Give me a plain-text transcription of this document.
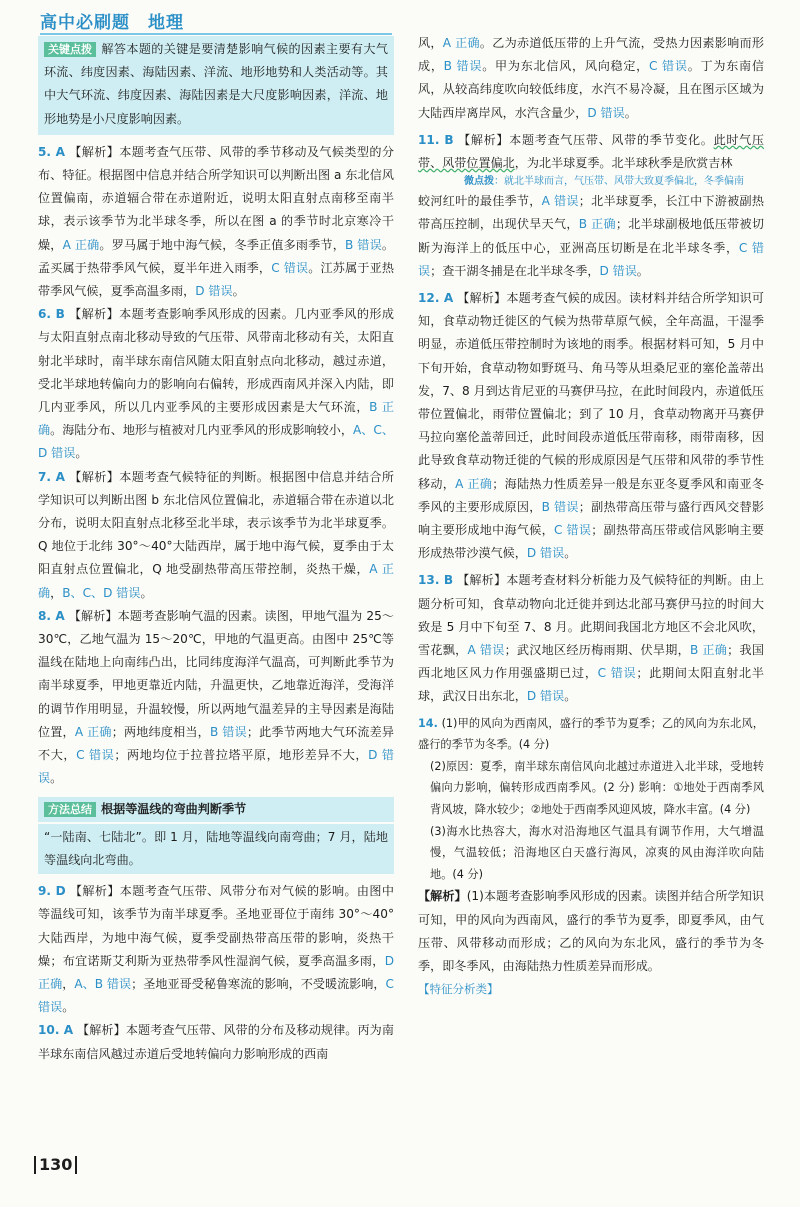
高中必刷题　地理

关键点拨 解答本题的关键是要清楚影响气候的因素主要有大气环流、纬度因素、海陆因素、洋流、地形地势和人类活动等。其中大气环流、纬度因素、海陆因素是大尺度影响因素，洋流、地形地势是小尺度影响因素。

5. A 【解析】本题考查气压带、风带的季节移动及气候类型的分布、特征。根据图中信息并结合所学知识可以判断出图 a 东北信风位置偏南，赤道辐合带在赤道附近，说明太阳直射点南移至南半球，表示该季节为北半球冬季，所以在图 a 的季节时北京寒冷干燥，A 正确。罗马属于地中海气候，冬季正值多雨季节，B 错误。孟买属于热带季风气候，夏半年进入雨季，C 错误。江苏属于亚热带季风气候，夏季高温多雨，D 错误。

6. B 【解析】本题考查影响季风形成的因素。几内亚季风的形成与太阳直射点南北移动导致的气压带、风带南北移动有关，太阳直射北半球时，南半球东南信风随太阳直射点向北移动，越过赤道，受北半球地转偏向力的影响向右偏转，形成西南风并深入内陆，即几内亚季风，所以几内亚季风的主要形成因素是大气环流，B 正确。海陆分布、地形与植被对几内亚季风的形成影响较小，A、C、D 错误。

7. A 【解析】本题考查气候特征的判断。根据图中信息并结合所学知识可以判断出图 b 东北信风位置偏北，赤道辐合带在赤道以北分布，说明太阳直射点北移至北半球，表示该季节为北半球夏季。Q 地位于北纬 30°～40°大陆西岸，属于地中海气候，夏季由于太阳直射点位置偏北，Q 地受副热带高压带控制，炎热干燥，A 正确，B、C、D 错误。

8. A 【解析】本题考查影响气温的因素。读图，甲地气温为 25～30℃，乙地气温为 15～20℃，甲地的气温更高。由图中 25℃等温线在陆地上向南纬凸出，比同纬度海洋气温高，可判断此季节为南半球夏季，甲地更靠近内陆，升温更快，乙地靠近海洋，受海洋的调节作用明显，升温较慢，所以两地气温差异的主导因素是海陆位置，A 正确；两地纬度相当，B 错误；此季节两地大气环流差异不大，C 错误；两地均位于拉普拉塔平原，地形差异不大，D 错误。

方法总结 根据等温线的弯曲判断季节

“一陆南、七陆北”。即 1 月，陆地等温线向南弯曲；7 月，陆地等温线向北弯曲。

9. D 【解析】本题考查气压带、风带分布对气候的影响。由图中等温线可知，该季节为南半球夏季。圣地亚哥位于南纬 30°～40°大陆西岸，为地中海气候，夏季受副热带高压带的影响，炎热干燥；布宜诺斯艾利斯为亚热带季风性湿润气候，夏季高温多雨，D 正确，A、B 错误；圣地亚哥受秘鲁寒流的影响，不受暖流影响，C 错误。

10. A 【解析】本题考查气压带、风带的分布及移动规律。丙为南半球东南信风越过赤道后受地转偏向力影响形成的西南

风，A 正确。乙为赤道低压带的上升气流，受热力因素影响而形成，B 错误。甲为东北信风，风向稳定，C 错误。丁为东南信风，从较高纬度吹向较低纬度，水汽不易冷凝，且在图示区域为大陆西岸离岸风，水汽含量少，D 错误。

11. B 【解析】本题考查气压带、风带的季节变化。此时气压带、风带位置偏北，为北半球夏季。北半球秋季是欣赏吉林

微点拨：就北半球而言，气压带、风带大致夏季偏北，冬季偏南

蛟河红叶的最佳季节，A 错误；北半球夏季，长江中下游被副热带高压控制，出现伏旱天气，B 正确；北半球副极地低压带被切断为海洋上的低压中心，亚洲高压切断是在北半球冬季，C 错误；查干湖冬捕是在北半球冬季，D 错误。

12. A 【解析】本题考查气候的成因。读材料并结合所学知识可知，食草动物迁徙区的气候为热带草原气候，全年高温，干湿季明显，赤道低压带控制时为该地的雨季。根据材料可知，5 月中下旬开始，食草动物如野斑马、角马等从坦桑尼亚的塞伦盖蒂出发，7、8 月到达肯尼亚的马赛伊马拉，在此时间段内，赤道低压带位置偏北，雨带位置偏北；到了 10 月，食草动物离开马赛伊马拉向塞伦盖蒂回迁，此时间段赤道低压带南移，雨带南移，因此导致食草动物迁徙的气候的形成原因是气压带和风带的季节性移动，A 正确；海陆热力性质差异一般是东亚冬夏季风和南亚冬季风的主要形成原因，B 错误；副热带高压带与盛行西风交替影响主要形成地中海气候，C 错误；副热带高压带或信风影响主要形成热带沙漠气候，D 错误。

13. B 【解析】本题考查材料分析能力及气候特征的判断。由上题分析可知，食草动物向北迁徙并到达北部马赛伊马拉的时间大致是 5 月中下旬至 7、8 月。此期间我国北方地区不会北风吹，雪花飘，A 错误；武汉地区经历梅雨期、伏旱期，B 正确；我国西北地区风力作用强盛期已过，C 错误；此期间太阳直射北半球，武汉日出东北，D 错误。

14. (1)甲的风向为西南风，盛行的季节为夏季；乙的风向为东北风，盛行的季节为冬季。(4 分)

(2)原因：夏季，南半球东南信风向北越过赤道进入北半球，受地转偏向力影响，偏转形成西南季风。(2 分) 影响：①地处于西南季风背风坡，降水较少；②地处于西南季风迎风坡，降水丰富。(4 分)

(3)海水比热容大，海水对沿海地区气温具有调节作用，大气增温慢，气温较低；沿海地区白天盛行海风，凉爽的风由海洋吹向陆地。(4 分)

【解析】(1)本题考查影响季风形成的因素。读图并结合所学知识可知，甲的风向为西南风，盛行的季节为夏季，即夏季风，由气压带、风带移动而形成；乙的风向为东北风，盛行的季节为冬季，即冬季风，由海陆热力性质差异而形成。

【特征分析类】

130
